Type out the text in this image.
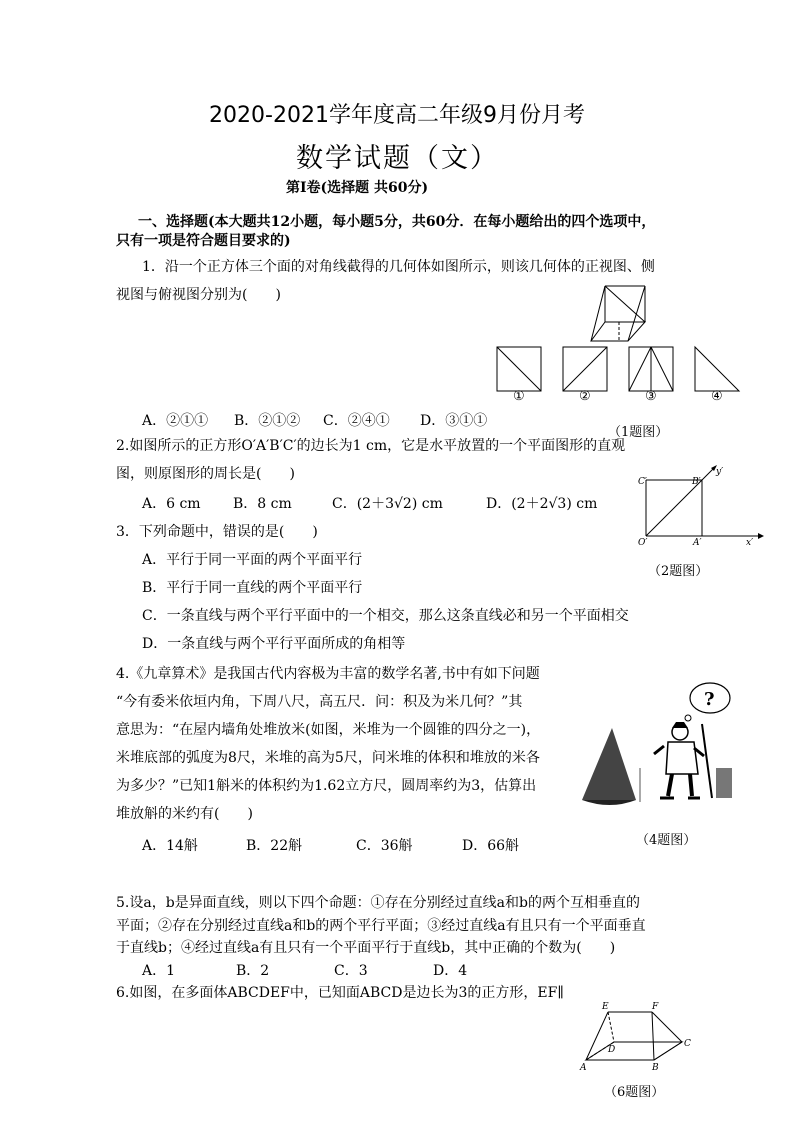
2020-2021学年度高二年级9月份月考
数学试题（文）
第Ⅰ卷(选择题 共60分)
一、选择题(本大题共12小题，每小题5分，共60分．在每小题给出的四个选项中，
只有一项是符合题目要求的)
1．沿一个正方体三个面的对角线截得的几何体如图所示，则该几何体的正视图、侧
视图与俯视图分别为(　　)
①	②	③	④
A．②①① B．②①② C．②④① D．③①①
（1题图）
2.如图所示的正方形O′A′B′C′的边长为1 cm，它是水平放置的一个平面图形的直观
图，则原图形的周长是(　　)
A．6 cm B．8 cm	C．(2＋3√2) cm	D．(2＋2√3) cm
C′	B′
O′	A′
y′
x′
（2题图）
3．下列命题中，错误的是(　　)
A．平行于同一平面的两个平面平行
B．平行于同一直线的两个平面平行
C．一条直线与两个平行平面中的一个相交，那么这条直线必和另一个平面相交
D．一条直线与两个平行平面所成的角相等
4.《九章算术》是我国古代内容极为丰富的数学名著,书中有如下问题
“今有委米依垣内角，下周八尺，高五尺．问：积及为米几何？”其
意思为：“在屋内墙角处堆放米(如图，米堆为一个圆锥的四分之一)，
米堆底部的弧度为8尺，米堆的高为5尺，问米堆的体积和堆放的米各
为多少？”已知1斛米的体积约为1.62立方尺，圆周率约为3，估算出
堆放斛的米约有(　　)
A．14斛	B．22斛	C．36斛	D．66斛
?
（4题图）
5.设a，b是异面直线，则以下四个命题：①存在分别经过直线a和b的两个互相垂直的
平面；②存在分别经过直线a和b的两个平行平面；③经过直线a有且只有一个平面垂直
于直线b；④经过直线a有且只有一个平面平行于直线b，其中正确的个数为(　　)
A．1	B．2	C．3	D．4
6.如图，在多面体ABCDEF中，已知面ABCD是边长为3的正方形，EF∥
E	F
D
C
A	B
（6题图）
